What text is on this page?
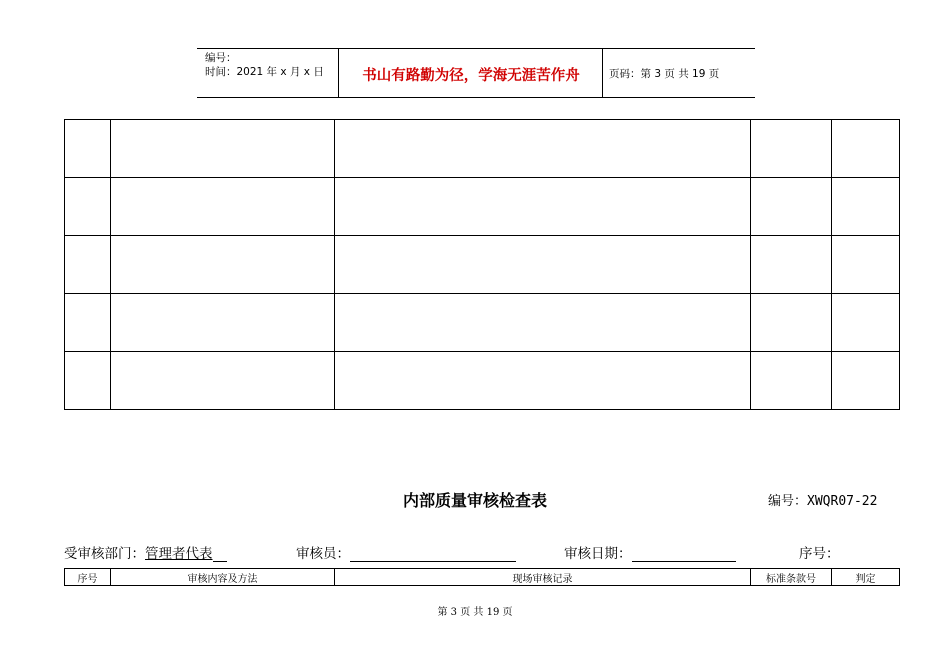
编号：
时间：2021 年 x 月 x 日	书山有路勤为径，学海无涯苦作舟	页码：第 3 页 共 19 页

内部质量审核检查表	编号：XWQR07-22
受审核部门：管理者代表	审核员：	审核日期：	序号：
序号	审核内容及方法	现场审核记录	标准条款号	判定
第 3 页 共 19 页
